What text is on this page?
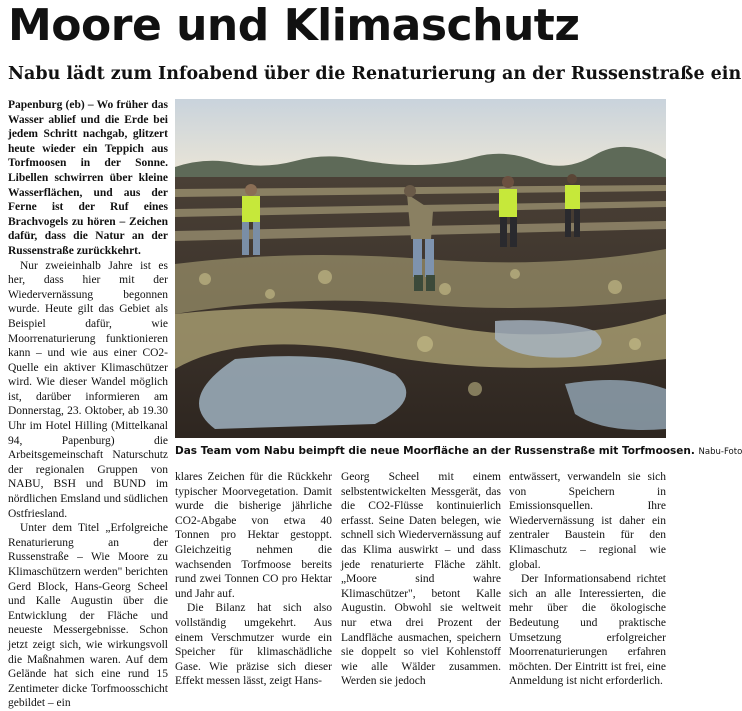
Moore und Klimaschutz
Nabu lädt zum Infoabend über die Renaturierung an der Russenstraße ein

Papenburg (eb) – Wo früher das Wasser ablief und die Erde bei jedem Schritt nachgab, glitzert heute wieder ein Teppich aus Torfmoosen in der Sonne. Libellen schwirren über kleine Wasserflächen, und aus der Ferne ist der Ruf eines Brachvogels zu hören – Zeichen dafür, dass die Natur an der Russenstraße zurückkehrt.

Nur zweieinhalb Jahre ist es her, dass hier mit der Wiedervernässung begonnen wurde. Heute gilt das Gebiet als Beispiel dafür, wie Moorrenaturierung funktionieren kann – und wie aus einer CO2-Quelle ein aktiver Klimaschützer wird. Wie dieser Wandel möglich ist, darüber informieren am Donnerstag, 23. Oktober, ab 19.30 Uhr im Hotel Hilling (Mittelkanal 94, Papenburg) die Arbeitsgemeinschaft Naturschutz der regionalen Gruppen von NABU, BSH und BUND im nördlichen Emsland und südlichen Ostfriesland.

Unter dem Titel „Erfolgreiche Renaturierung an der Russenstraße – Wie Moore zu Klimaschützern werden" berichten Gerd Block, Hans-Georg Scheel und Kalle Augustin über die Entwicklung der Fläche und neueste Messergebnisse. Schon jetzt zeigt sich, wie wirkungsvoll die Maßnahmen waren. Auf dem Gelände hat sich eine rund 15 Zentimeter dicke Torfmoosschicht gebildet – ein

Das Team vom Nabu beimpft die neue Moorfläche an der Russenstraße mit Torfmoosen. Nabu-Foto

klares Zeichen für die Rückkehr typischer Moorvegetation. Damit wurde die bisherige jährliche CO2-Abgabe von etwa 40 Tonnen pro Hektar gestoppt. Gleichzeitig nehmen die wachsenden Torfmoose bereits rund zwei Tonnen CO pro Hektar und Jahr auf.

Die Bilanz hat sich also vollständig umgekehrt. Aus einem Verschmutzer wurde ein Speicher für klimaschädliche Gase. Wie präzise sich dieser Effekt messen lässt, zeigt Hans-

Georg Scheel mit einem selbstentwickelten Messgerät, das die CO2-Flüsse kontinuierlich erfasst. Seine Daten belegen, wie schnell sich Wiedervernässung auf das Klima auswirkt – und dass jede renaturierte Fläche zählt. „Moore sind wahre Klimaschützer", betont Kalle Augustin. Obwohl sie weltweit nur etwa drei Prozent der Landfläche ausmachen, speichern sie doppelt so viel Kohlenstoff wie alle Wälder zusammen. Werden sie jedoch

entwässert, verwandeln sie sich von Speichern in Emissionsquellen. Ihre Wiedervernässung ist daher ein zentraler Baustein für den Klimaschutz – regional wie global.

Der Informationsabend richtet sich an alle Interessierten, die mehr über die ökologische Bedeutung und praktische Umsetzung erfolgreicher Moorrenaturierungen erfahren möchten. Der Eintritt ist frei, eine Anmeldung ist nicht erforderlich.
